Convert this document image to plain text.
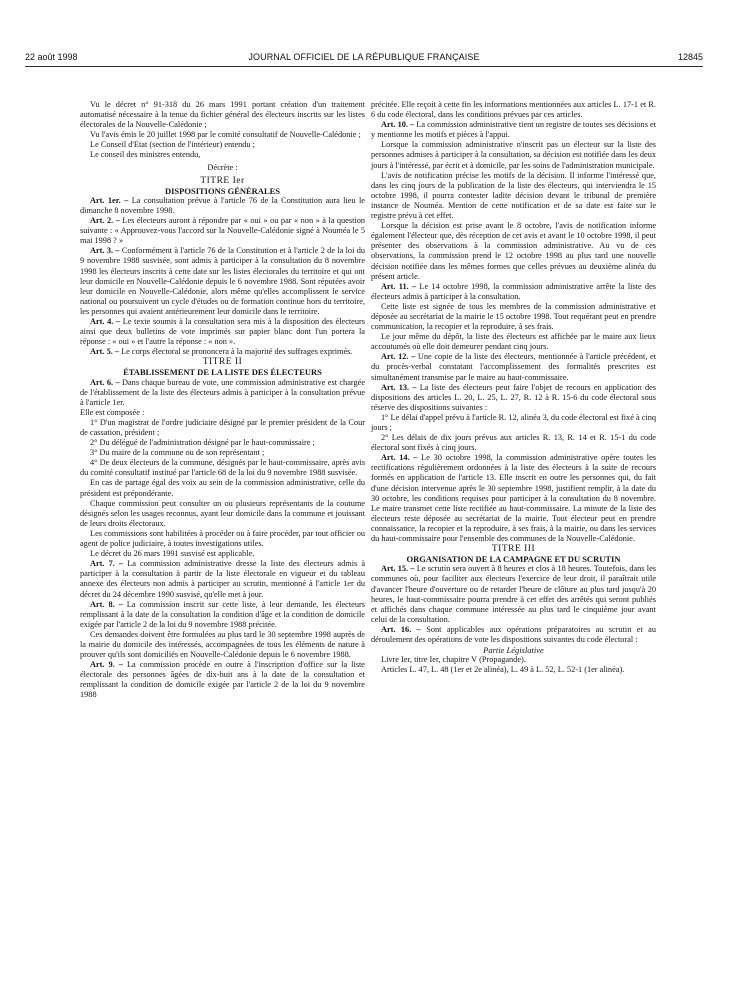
22 août 1998	JOURNAL OFFICIEL DE LA RÉPUBLIQUE FRANÇAISE	12845

Vu le décret n° 91-318 du 26 mars 1991 portant création d'un traitement automatisé nécessaire à la tenue du fichier général des électeurs inscrits sur les listes électorales de la Nouvelle-Calédonie ;

Vu l'avis émis le 20 juillet 1998 par le comité consultatif de Nouvelle-Calédonie ;

Le Conseil d'Etat (section de l'intérieur) entendu ;

Le conseil des ministres entendu,

Décrète :

TITRE Ier

DISPOSITIONS GÉNÉRALES

Art. 1er. – La consultation prévue à l'article 76 de la Constitution aura lieu le dimanche 8 novembre 1998.

Art. 2. – Les électeurs auront à répondre par « oui » ou par « non » à la question suivante : « Approuvez-vous l'accord sur la Nouvelle-Calédonie signé à Nouméa le 5 mai 1998 ? »

Art. 3. – Conformément à l'article 76 de la Constitution et à l'article 2 de la loi du 9 novembre 1988 susvisée, sont admis à participer à la consultation du 8 novembre 1998 les électeurs inscrits à cette date sur les listes électorales du territoire et qui ont leur domicile en Nouvelle-Calédonie depuis le 6 novembre 1988. Sont réputées avoir leur domicile en Nouvelle-Calédonie, alors même qu'elles accomplissent le service national ou poursuivent un cycle d'études ou de formation continue hors du territoire, les personnes qui avaient antérieurement leur domicile dans le territoire.

Art. 4. – Le texte soumis à la consultation sera mis à la disposition des électeurs ainsi que deux bulletins de vote imprimés sur papier blanc dont l'un portera la réponse : « oui » et l'autre la réponse : « non ».

Art. 5. – Le corps électoral se prononcera à la majorité des suffrages exprimés.

TITRE II

ÉTABLISSEMENT DE LA LISTE DES ÉLECTEURS

Art. 6. – Dans chaque bureau de vote, une commission administrative est chargée de l'établissement de la liste des électeurs admis à participer à la consultation prévue à l'article 1er.

Elle est composée :

1° D'un magistrat de l'ordre judiciaire désigné par le premier président de la Cour de cassation, président ;

2° Du délégué de l'administration désigné par le haut-commissaire ;

3° Du maire de la commune ou de son représentant ;

4° De deux électeurs de la commune, désignés par le haut-commissaire, après avis du comité consultatif institué par l'article 68 de la loi du 9 novembre 1988 susvisée.

En cas de partage égal des voix au sein de la commission administrative, celle du président est prépondérante.

Chaque commission peut consulter un ou plusieurs représentants de la coutume désignés selon les usages reconnus, ayant leur domicile dans la commune et jouissant de leurs droits électoraux.

Les commissions sont habilitées à procéder ou à faire procéder, par tout officier ou agent de police judiciaire, à toutes investigations utiles.

Le décret du 26 mars 1991 susvisé est applicable.

Art. 7. – La commission administrative dresse la liste des électeurs admis à participer à la consultation à partir de la liste électorale en vigueur et du tableau annexe des électeurs non admis à participer au scrutin, mentionné à l'article 1er du décret du 24 décembre 1990 susvisé, qu'elle met à jour.

Art. 8. – La commission inscrit sur cette liste, à leur demande, les électeurs remplissant à la date de la consultation la condition d'âge et la condition de domicile exigée par l'article 2 de la loi du 9 novembre 1988 précitée.

Ces demandes doivent être formulées au plus tard le 30 septembre 1998 auprès de la mairie du domicile des intéressés, accompagnées de tous les éléments de nature à prouver qu'ils sont domiciliés en Nouvelle-Calédonie depuis le 6 novembre 1988.

Art. 9. – La commission procède en outre à l'inscription d'office sur la liste électorale des personnes âgées de dix-huit ans à la date de la consultation et remplissant la condition de domicile exigée par l'article 2 de la loi du 9 novembre 1988

précitée. Elle reçoit à cette fin les informations mentionnées aux articles L. 17-1 et R. 6 du code électoral, dans les conditions prévues par ces articles.

Art. 10. – La commission administrative tient un registre de toutes ses décisions et y mentionne les motifs et pièces à l'appui.

Lorsque la commission administrative n'inscrit pas un électeur sur la liste des personnes admises à participer à la consultation, sa décision est notifiée dans les deux jours à l'intéressé, par écrit et à domicile, par les soins de l'administration municipale.

L'avis de notification précise les motifs de la décision. Il informe l'intéressé que, dans les cinq jours de la publication de la liste des électeurs, qui interviendra le 15 octobre 1998, il pourra contester ladite décision devant le tribunal de première instance de Nouméa. Mention de cette notification et de sa date est faite sur le registre prévu à cet effet.

Lorsque la décision est prise avant le 8 octobre, l'avis de notification informe également l'électeur que, dès réception de cet avis et avant le 10 octobre 1998, il peut présenter des observations à la commission administrative. Au vu de ces observations, la commission prend le 12 octobre 1998 au plus tard une nouvelle décision notifiée dans les mêmes formes que celles prévues au deuxième alinéa du présent article.

Art. 11. – Le 14 octobre 1998, la commission administrative arrête la liste des électeurs admis à participer à la consultation.

Cette liste est signée de tous les membres de la commission administrative et déposée au secrétariat de la mairie le 15 octobre 1998. Tout requérant peut en prendre communication, la recopier et la reproduire, à ses frais.

Le jour même du dépôt, la liste des électeurs est affichée par le maire aux lieux accoutumés où elle doit demeurer pendant cinq jours.

Art. 12. – Une copie de la liste des électeurs, mentionnée à l'article précédent, et du procès-verbal constatant l'accomplissement des formalités prescrites est simultanément transmise par le maire au haut-commissaire.

Art. 13. – La liste des électeurs peut faire l'objet de recours en application des dispositions des articles L. 20, L. 25, L. 27, R. 12 à R. 15-6 du code électoral sous réserve des dispositions suivantes :

1° Le délai d'appel prévu à l'article R. 12, alinéa 3, du code électoral est fixé à cinq jours ;

2° Les délais de dix jours prévus aux articles R. 13, R. 14 et R. 15-1 du code électoral sont fixés à cinq jours.

Art. 14. – Le 30 octobre 1998, la commission administrative opère toutes les rectifications régulièrement ordonnées à la liste des électeurs à la suite de recours formés en application de l'article 13. Elle inscrit en outre les personnes qui, du fait d'une décision intervenue après le 30 septembre 1998, justifient remplir, à la date du 30 octobre, les conditions requises pour participer à la consultation du 8 novembre. Le maire transmet cette liste rectifiée au haut-commissaire. La minute de la liste des électeurs reste déposée au secrétariat de la mairie. Tout électeur peut en prendre connaissance, la recopier et la reproduire, à ses frais, à la mairie, ou dans les services du haut-commissaire pour l'ensemble des communes de la Nouvelle-Calédonie.

TITRE III

ORGANISATION DE LA CAMPAGNE ET DU SCRUTIN

Art. 15. – Le scrutin sera ouvert à 8 heures et clos à 18 heures. Toutefois, dans les communes où, pour faciliter aux électeurs l'exercice de leur droit, il paraîtrait utile d'avancer l'heure d'ouverture ou de retarder l'heure de clôture au plus tard jusqu'à 20 heures, le haut-commissaire pourra prendre à cet effet des arrêtés qui seront publiés et affichés dans chaque commune intéressée au plus tard le cinquième jour avant celui de la consultation.

Art. 16. – Sont applicables aux opérations préparatoires au scrutin et au déroulement des opérations de vote les dispositions suivantes du code électoral :

Partie Législative

Livre Ier, titre Ier, chapitre V (Propagande).

Articles L. 47, L. 48 (1er et 2e alinéa), L. 49 à L. 52, L. 52-1 (1er alinéa).
